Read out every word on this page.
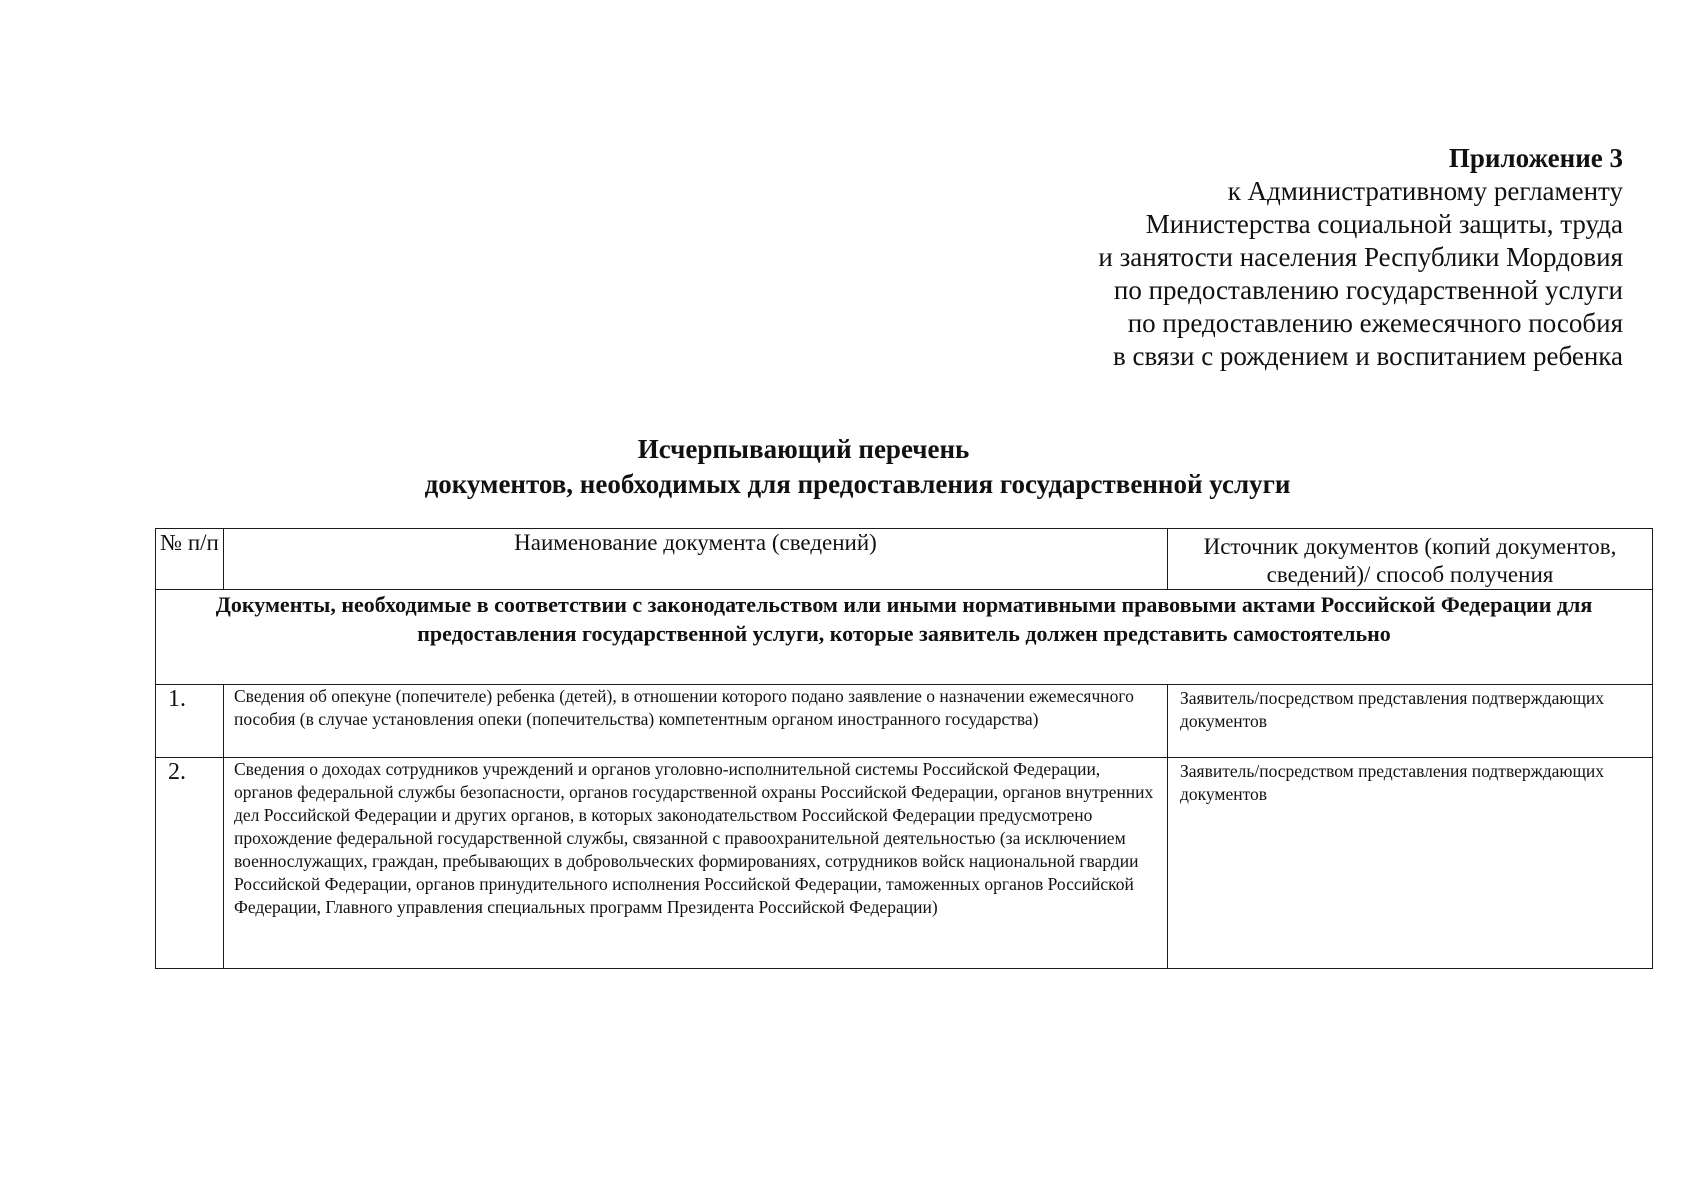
Приложение 3
к Административному регламенту
Министерства социальной защиты, труда
и занятости населения Республики Мордовия
по предоставлению государственной услуги
по предоставлению ежемесячного пособия
в связи с рождением и воспитанием ребенка
Исчерпывающий перечень
документов, необходимых для предоставления государственной услуги
№ п/п	Наименование документа (сведений)	Источник документов (копий документов, сведений)/ способ получения
Документы, необходимые в соответствии с законодательством или иными нормативными правовыми актами Российской Федерации для предоставления государственной услуги, которые заявитель должен представить самостоятельно		
1.	Сведения об опекуне (попечителе) ребенка (детей), в отношении которого подано заявление о назначении ежемесячного пособия (в случае установления опеки (попечительства) компетентным органом иностранного государства)	Заявитель/посредством представления подтверждающих документов
2.	Сведения о доходах сотрудников учреждений и органов уголовно-исполнительной системы Российской Федерации, органов федеральной службы безопасности, органов государственной охраны Российской Федерации, органов внутренних дел Российской Федерации и других органов, в которых законодательством Российской Федерации предусмотрено прохождение федеральной государственной службы, связанной с правоохранительной деятельностью (за исключением военнослужащих, граждан, пребывающих в добровольческих формированиях, сотрудников войск национальной гвардии Российской Федерации, органов принудительного исполнения Российской Федерации, таможенных органов Российской Федерации, Главного управления специальных программ Президента Российской Федерации)	Заявитель/посредством представления подтверждающих документов
